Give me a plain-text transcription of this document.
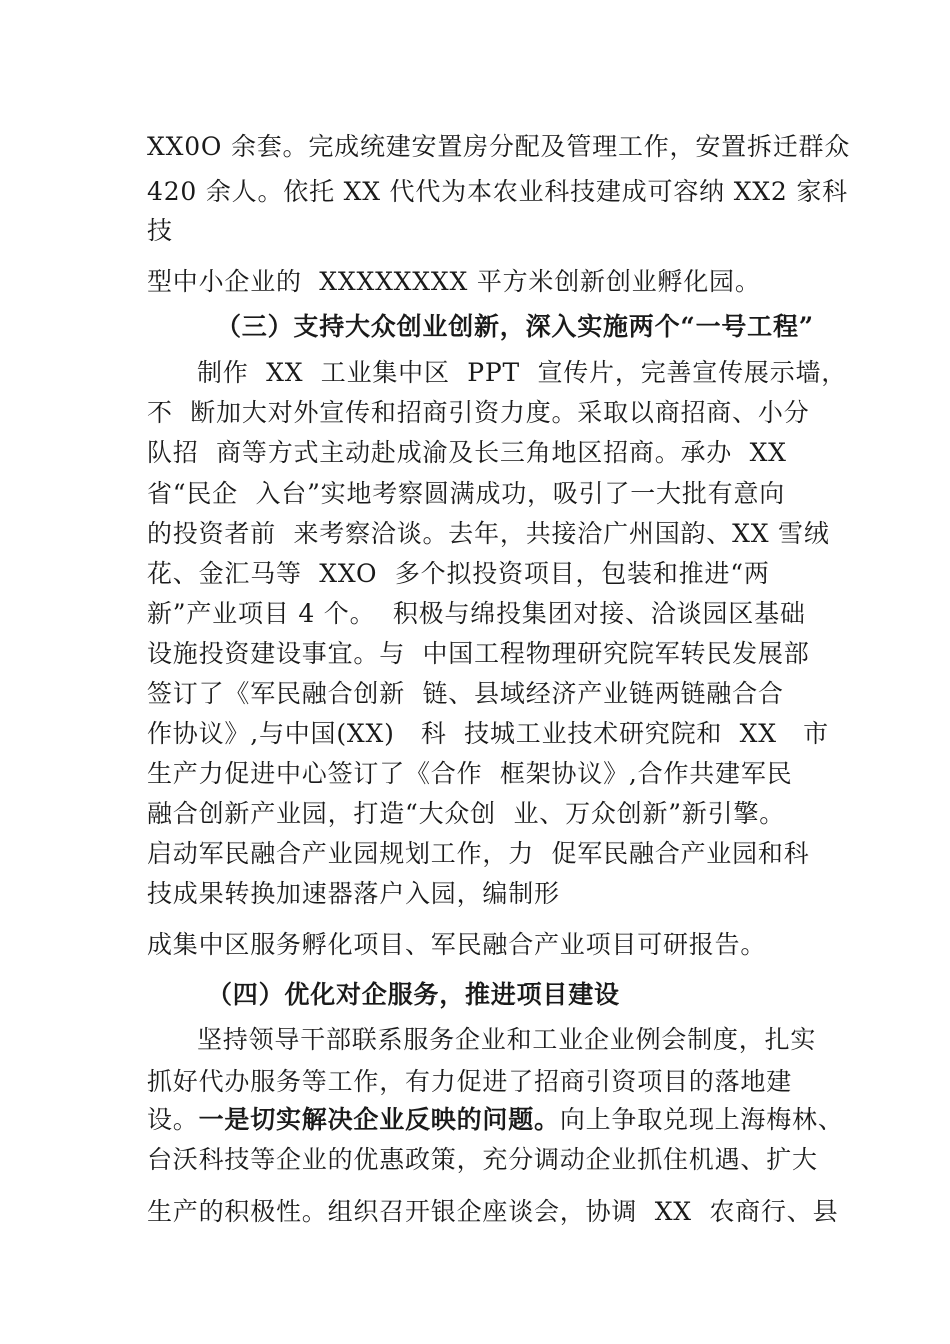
XX0O 余套。完成统建安置房分配及管理工作，安置拆迁群众
420 余人。依托 XX 代代为本农业科技建成可容纳 XX2 家科
技
型中小企业的  XXXXXXXX 平方米创新创业孵化园。
（三）支持大众创业创新，深入实施两个“一号工程”
制作  XX  工业集中区  PPT  宣传片，完善宣传展示墙，
不  断加大对外宣传和招商引资力度。采取以商招商、小分
队招  商等方式主动赴成渝及长三角地区招商。承办  XX
省“民企  入台”实地考察圆满成功，吸引了一大批有意向
的投资者前  来考察洽谈。去年，共接洽广州国韵、XX 雪绒
花、金汇马等  XXO  多个拟投资项目，包装和推进“两
新”产业项目 4 个。  积极与绵投集团对接、洽谈园区基础
设施投资建设事宜。与  中国工程物理研究院军转民发展部
签订了《军民融合创新  链、县域经济产业链两链融合合
作协议》,与中国(XX)   科  技城工业技术研究院和  XX   市
生产力促进中心签订了《合作  框架协议》,合作共建军民
融合创新产业园，打造“大众创  业、万众创新”新引擎。
启动军民融合产业园规划工作，力  促军民融合产业园和科
技成果转换加速器落户入园，编制形
成集中区服务孵化项目、军民融合产业项目可研报告。
（四）优化对企服务，推进项目建设
坚持领导干部联系服务企业和工业企业例会制度，扎实
抓好代办服务等工作，有力促进了招商引资项目的落地建
设。一是切实解决企业反映的问题。向上争取兑现上海梅林、
台沃科技等企业的优惠政策，充分调动企业抓住机遇、扩大
生产的积极性。组织召开银企座谈会，协调  XX  农商行、县
